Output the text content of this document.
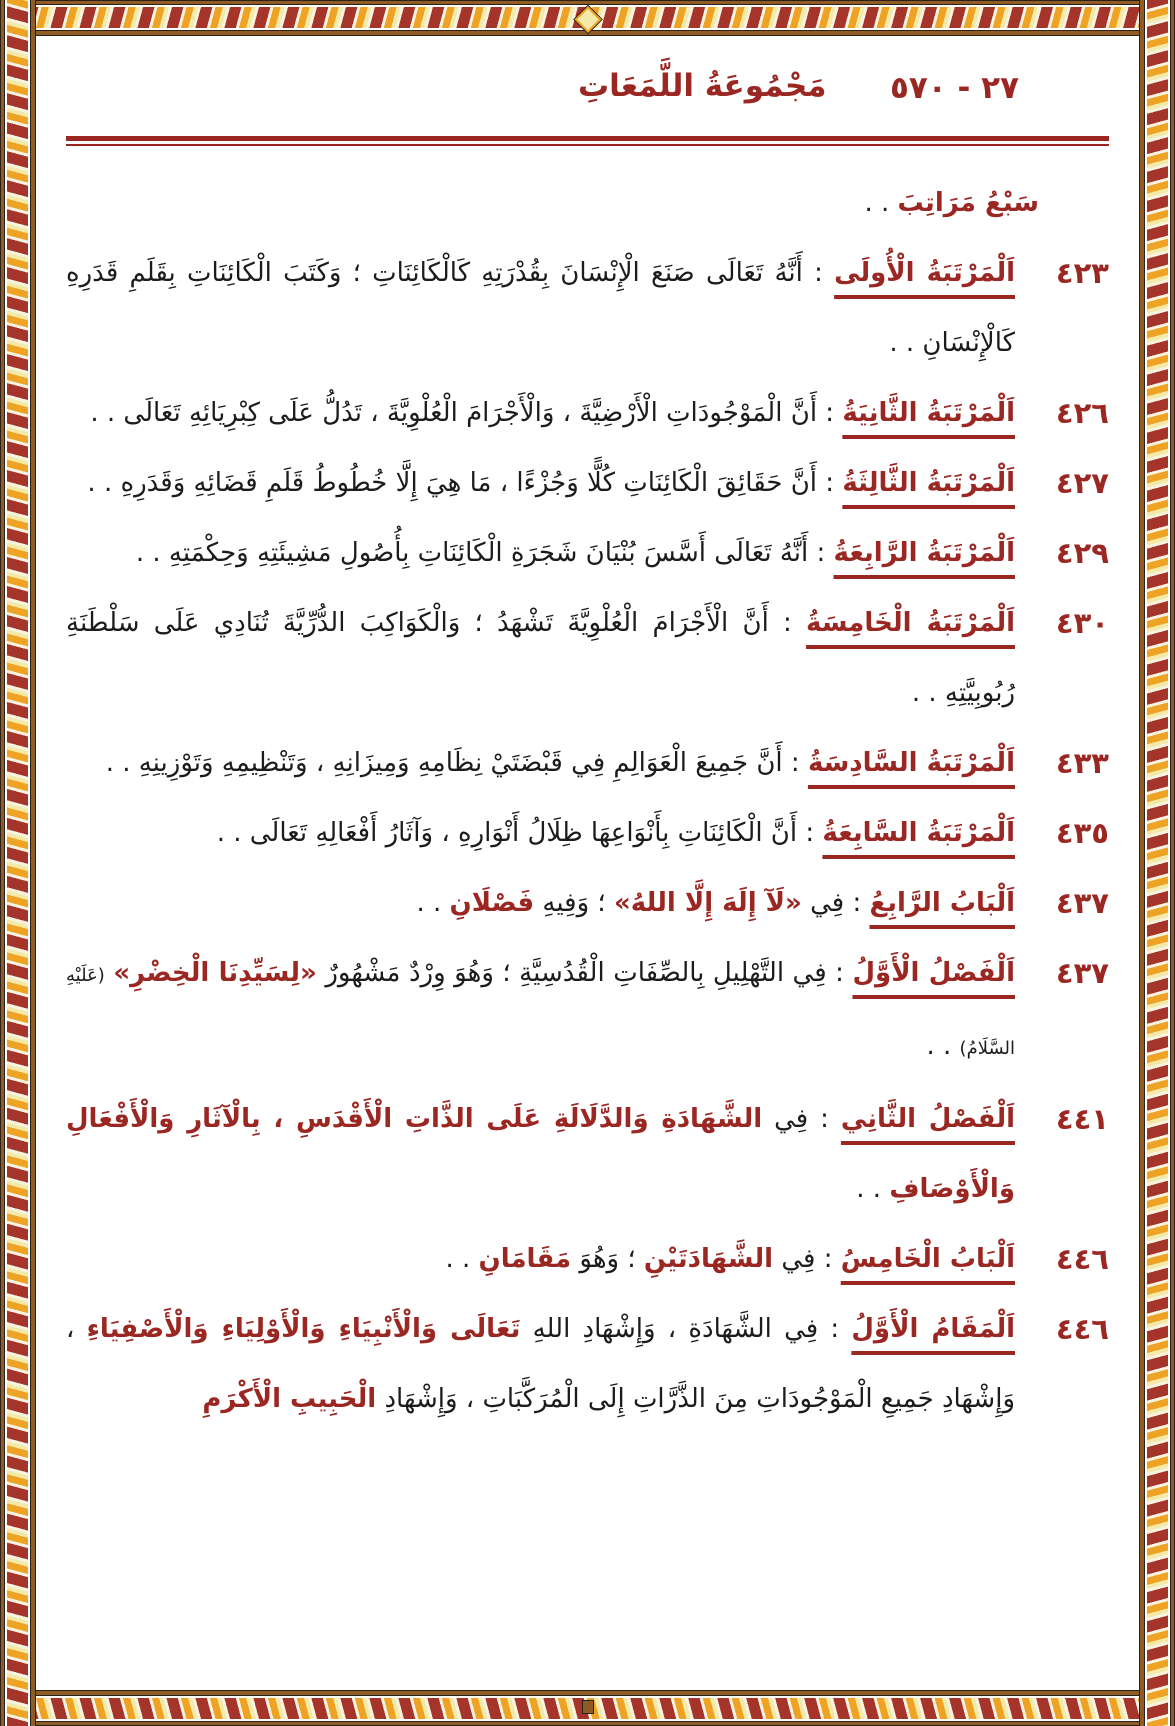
٢٧ - ٥٧٠
مَجْمُوعَةُ اللَّمَعَاتِ
سَبْعُ مَرَاتِبَ . .
٤٢٣
اَلْمَرْتَبَةُ الْأُولَى : أَنَّهُ تَعَالَى صَنَعَ الْإِنْسَانَ بِقُدْرَتِهِ كَالْكَائِنَاتِ ؛ وَكَتَبَ الْكَائِنَاتِ بِقَلَمِ قَدَرِهِ كَالْإِنْسَانِ . .
٤٢٦
اَلْمَرْتَبَةُ الثَّانِيَةُ : أَنَّ الْمَوْجُودَاتِ الْأَرْضِيَّةَ ، وَالْأَجْرَامَ الْعُلْوِيَّةَ ، تَدُلُّ عَلَى كِبْرِيَائِهِ تَعَالَى . .
٤٢٧
اَلْمَرْتَبَةُ الثَّالِثَةُ : أَنَّ حَقَائِقَ الْكَائِنَاتِ كُلًّا وَجُزْءًا ، مَا هِيَ إِلَّا خُطُوطُ قَلَمِ قَضَائِهِ وَقَدَرِهِ . .
٤٢٩
اَلْمَرْتَبَةُ الرَّابِعَةُ : أَنَّهُ تَعَالَى أَسَّسَ بُنْيَانَ شَجَرَةِ الْكَائِنَاتِ بِأُصُولِ مَشِيئَتِهِ وَحِكْمَتِهِ . .
٤٣٠
اَلْمَرْتَبَةُ الْخَامِسَةُ : أَنَّ الْأَجْرَامَ الْعُلْوِيَّةَ تَشْهَدُ ؛ وَالْكَوَاكِبَ الدُّرِّيَّةَ تُنَادِي عَلَى سَلْطَنَةِ رُبُوبِيَّتِهِ . .
٤٣٣
اَلْمَرْتَبَةُ السَّادِسَةُ : أَنَّ جَمِيعَ الْعَوَالِمِ فِي قَبْضَتَيْ نِظَامِهِ وَمِيزَانِهِ ، وَتَنْظِيمِهِ وَتَوْزِينِهِ . .
٤٣٥
اَلْمَرْتَبَةُ السَّابِعَةُ : أَنَّ الْكَائِنَاتِ بِأَنْوَاعِهَا ظِلَالُ أَنْوَارِهِ ، وَآثَارُ أَفْعَالِهِ تَعَالَى . .
٤٣٧
اَلْبَابُ الرَّابِعُ : فِي «لَآ إِلَهَ إِلَّا اللهُ» ؛ وَفِيهِ فَصْلَانِ . .
٤٣٧
اَلْفَصْلُ الْأَوَّلُ : فِي التَّهْلِيلِ بِالصِّفَاتِ الْقُدُسِيَّةِ ؛ وَهُوَ وِرْدٌ مَشْهُورٌ «لِسَيِّدِنَا الْخِضْرِ» (عَلَيْهِ السَّلَامُ) . .
٤٤١
اَلْفَصْلُ الثَّانِي : فِي الشَّهَادَةِ وَالدَّلَالَةِ عَلَى الذَّاتِ الْأَقْدَسِ ، بِالْآثَارِ وَالْأَفْعَالِ وَالْأَوْصَافِ . .
٤٤٦
اَلْبَابُ الْخَامِسُ : فِي الشَّهَادَتَيْنِ ؛ وَهُوَ مَقَامَانِ . .
٤٤٦
اَلْمَقَامُ الْأَوَّلُ : فِي الشَّهَادَةِ ، وَإِشْهَادِ اللهِ تَعَالَى وَالْأَنْبِيَاءِ وَالْأَوْلِيَاءِ وَالْأَصْفِيَاءِ ، وَإِشْهَادِ جَمِيعِ الْمَوْجُودَاتِ مِنَ الذَّرَّاتِ إِلَى الْمُرَكَّبَاتِ ، وَإِشْهَادِ الْحَبِيبِ الْأَكْرَمِ
